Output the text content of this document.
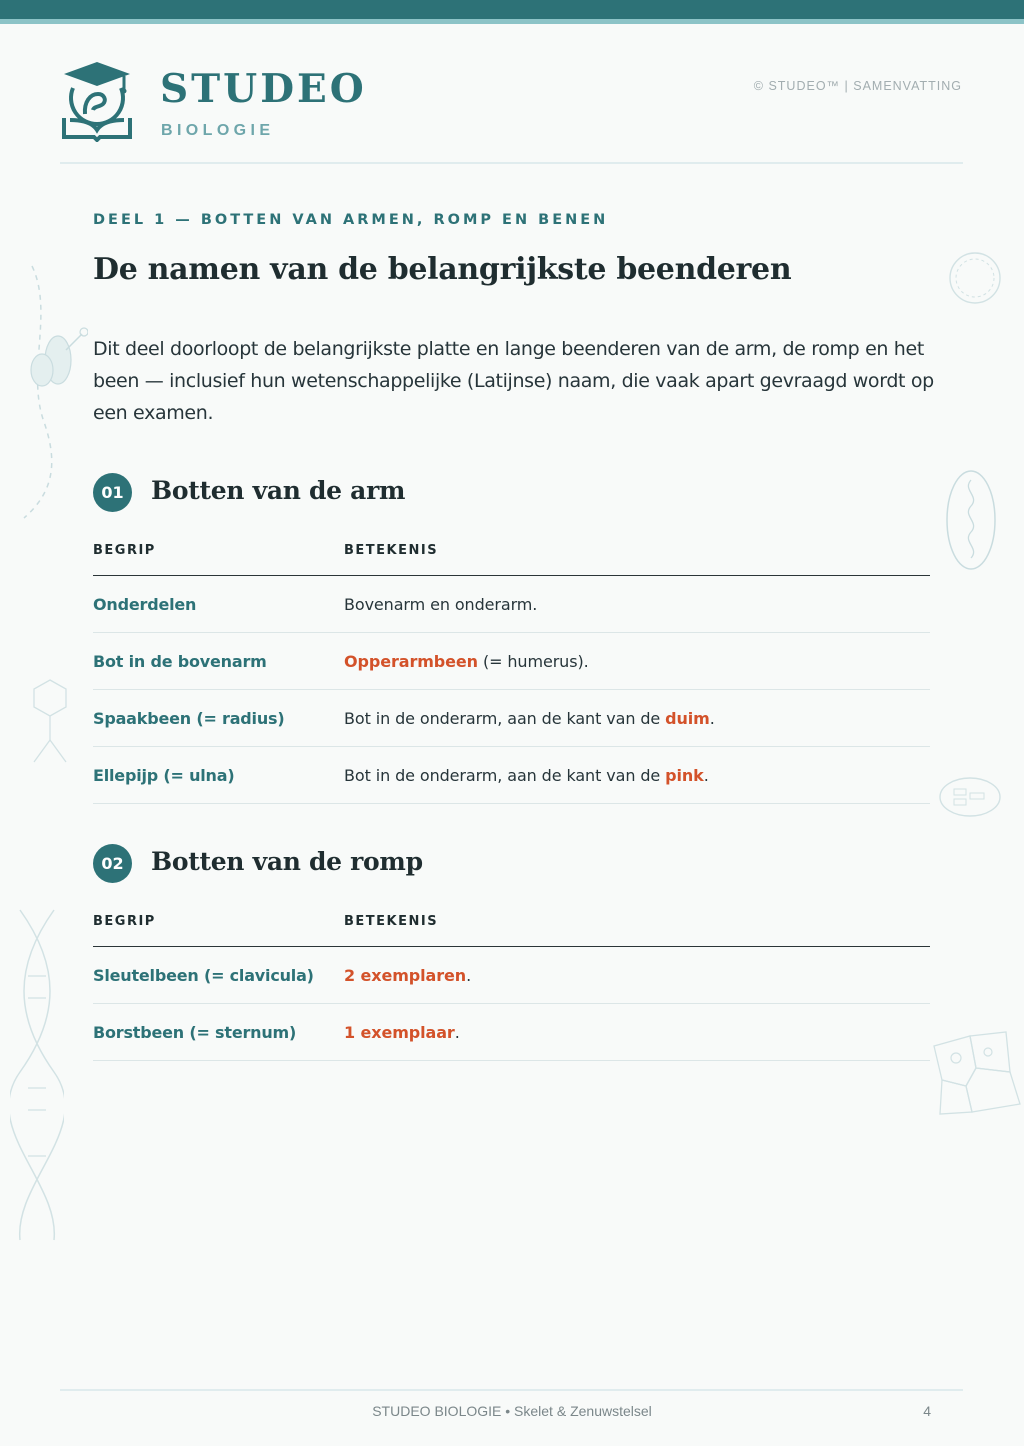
STUDEO
BIOLOGIE
© STUDEO™ | SAMENVATTING
DEEL 1 — BOTTEN VAN ARMEN, ROMP EN BENEN
De namen van de belangrijkste beenderen

Dit deel doorloopt de belangrijkste platte en lange beenderen van de arm, de romp en het been — inclusief hun wetenschappelijke (Latijnse) naam, die vaak apart gevraagd wordt op een examen.

01	Botten van de arm
BEGRIP	BETEKENIS
Onderdelen	Bovenarm en onderarm.
Bot in de bovenarm	Opperarmbeen (= humerus).
Spaakbeen (= radius)	Bot in de onderarm, aan de kant van de duim.
Ellepijp (= ulna)	Bot in de onderarm, aan de kant van de pink.
02	Botten van de romp
BEGRIP	BETEKENIS
Sleutelbeen (= clavicula)	2 exemplaren.
Borstbeen (= sternum)	1 exemplaar.
STUDEO BIOLOGIE • Skelet & Zenuwstelsel	4
